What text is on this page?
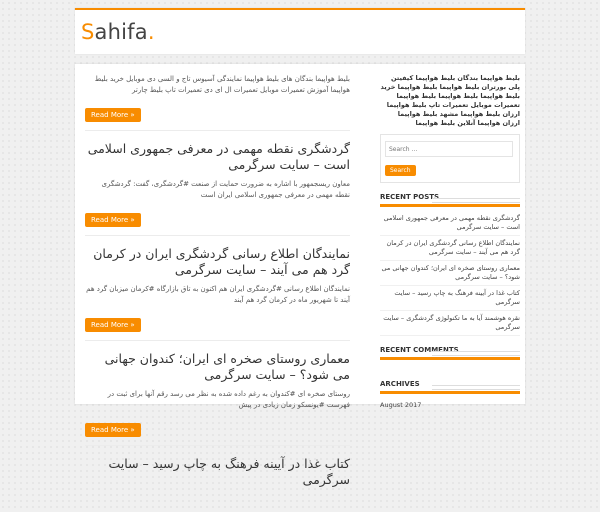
Sahifa.

بلیط هواپیما بندگان های بلیط هواپیما نمایندگی آسیوس تاج و السی دی موبایل خرید بلیط هواپیما آموزش تعمیرات موبایل تعمیرات ال ای دی تعمیرات تاپ بلیط چارتر

Read More »
گردشگری نقطه مهمی در معرفی جمهوری اسلامی است – سایت سرگرمی

معاون ریسجمهور با اشاره به ضرورت حمایت از صنعت #گردشگری، گفت: گردشگری نقطه مهمی در معرفی جمهوری اسلامی ایران است

Read More »
نمایندگان اطلاع رسانی گردشگری ایران در کرمان گرد هم می آیند – سایت سرگرمی

نمایندگان اطلاع رسانی #گردشگری ایران هم اکنون به تاق بازارگاه #کرمان میزبان گرد هم آیند تا شهریور ماه در کرمان گرد هم آیند

Read More »
معماری روستای صخره ای ایران؛ کندوان جهانی می شود؟ – سایت سرگرمی

روستای صخره ای #کندوان به رغم داده شده به نظر می رسد رقم آنها برای ثبت در فهرست #یونسکو زمان زیادی در پیش

Read More »
کتاب غذا در آیینه فرهنگ به چاپ رسید – سایت سرگرمی
بلیط هواپیما بندگان بلیط هواپیما کیفیتن پلی بورتران بلیط هواپیما بلیط هواپیما خرید بلیط هواپیما بلیط هواپیما بلیط هواپیما تعمیرات موبایل تعمیرات تاپ بلیط هواپیما ارزان بلیط هواپیما مشهد بلیط هواپیما ارزان هواپیما آنلاین بلیط هواپیما
Search ... Search
RECENT POSTS
گردشگری نقطه مهمی در معرفی جمهوری اسلامی است – سایت سرگرمی
نمایندگان اطلاع رسانی گردشگری ایران در کرمان گرد هم می آیند – سایت سرگرمی
معماری روستای صخره ای ایران؛ کندوان جهانی می شود؟ – سایت سرگرمی
کتاب غذا در آیینه فرهنگ به چاپ رسید – سایت سرگرمی
نقره هوشمند آیا به ما تکنولوژی گردشگری – سایت سرگرمی
RECENT COMMENTS
ARCHIVES
August 2017
